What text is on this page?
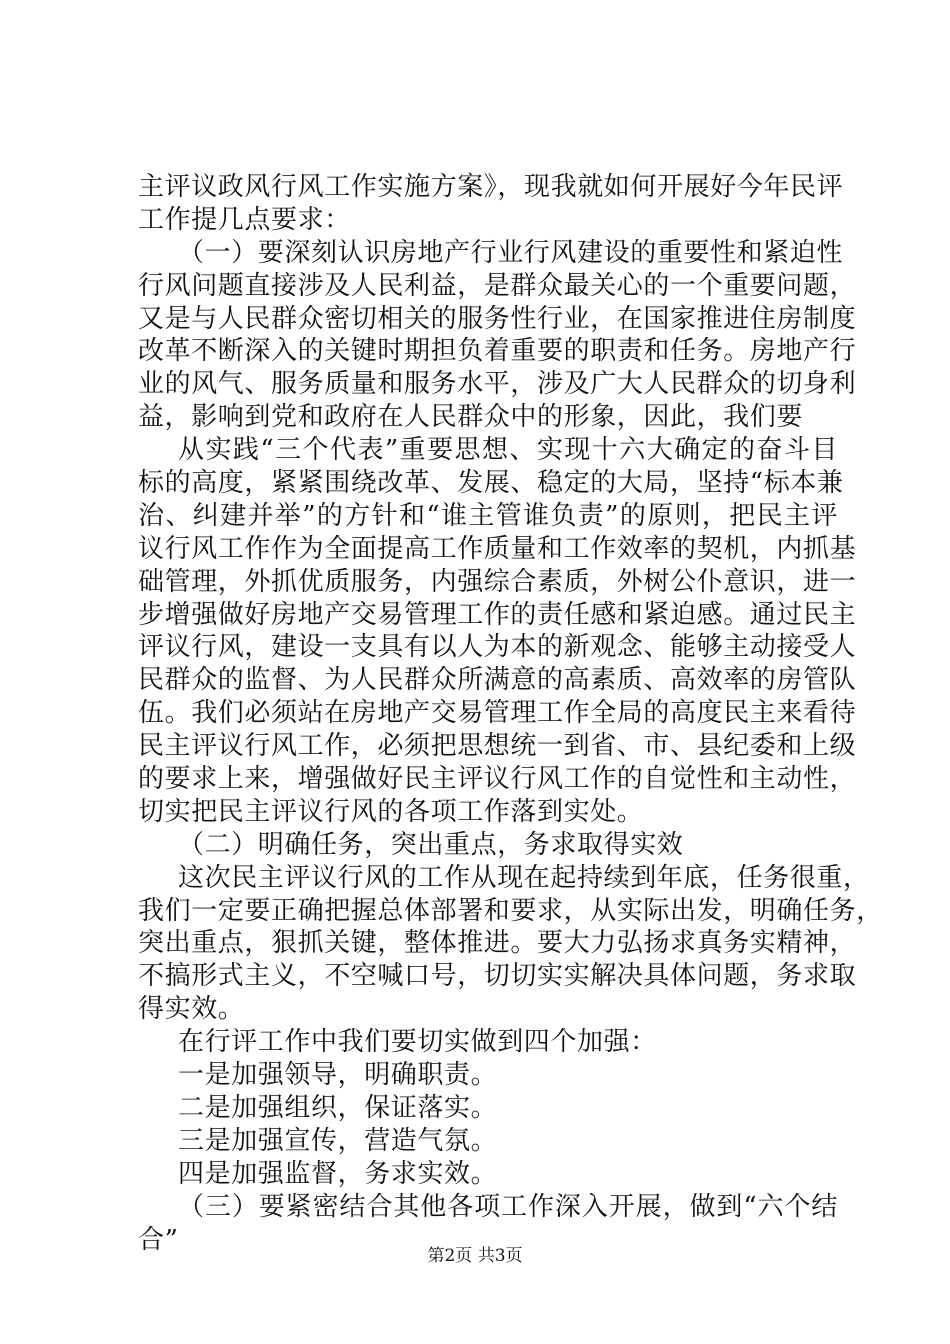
主评议政风行风工作实施方案》，现我就如何开展好今年民评
工作提几点要求：
（一）要深刻认识房地产行业行风建设的重要性和紧迫性
行风问题直接涉及人民利益，是群众最关心的一个重要问题，
又是与人民群众密切相关的服务性行业，在国家推进住房制度
改革不断深入的关键时期担负着重要的职责和任务。房地产行
业的风气、服务质量和服务水平，涉及广大人民群众的切身利
益，影响到党和政府在人民群众中的形象，因此，我们要
从实践“三个代表”重要思想、实现十六大确定的奋斗目
标的高度，紧紧围绕改革、发展、稳定的大局，坚持“标本兼
治、纠建并举”的方针和“谁主管谁负责”的原则，把民主评
议行风工作作为全面提高工作质量和工作效率的契机，内抓基
础管理，外抓优质服务，内强综合素质，外树公仆意识，进一
步增强做好房地产交易管理工作的责任感和紧迫感。通过民主
评议行风，建设一支具有以人为本的新观念、能够主动接受人
民群众的监督、为人民群众所满意的高素质、高效率的房管队
伍。我们必须站在房地产交易管理工作全局的高度民主来看待
民主评议行风工作，必须把思想统一到省、市、县纪委和上级
的要求上来，增强做好民主评议行风工作的自觉性和主动性，
切实把民主评议行风的各项工作落到实处。
（二）明确任务，突出重点，务求取得实效
这次民主评议行风的工作从现在起持续到年底，任务很重，
我们一定要正确把握总体部署和要求，从实际出发，明确任务，
突出重点，狠抓关键，整体推进。要大力弘扬求真务实精神，
不搞形式主义，不空喊口号，切切实实解决具体问题，务求取
得实效。
在行评工作中我们要切实做到四个加强：
一是加强领导，明确职责。
二是加强组织，保证落实。
三是加强宣传，营造气氛。
四是加强监督，务求实效。
（三）要紧密结合其他各项工作深入开展，做到“六个结
合”
第2页 共3页
